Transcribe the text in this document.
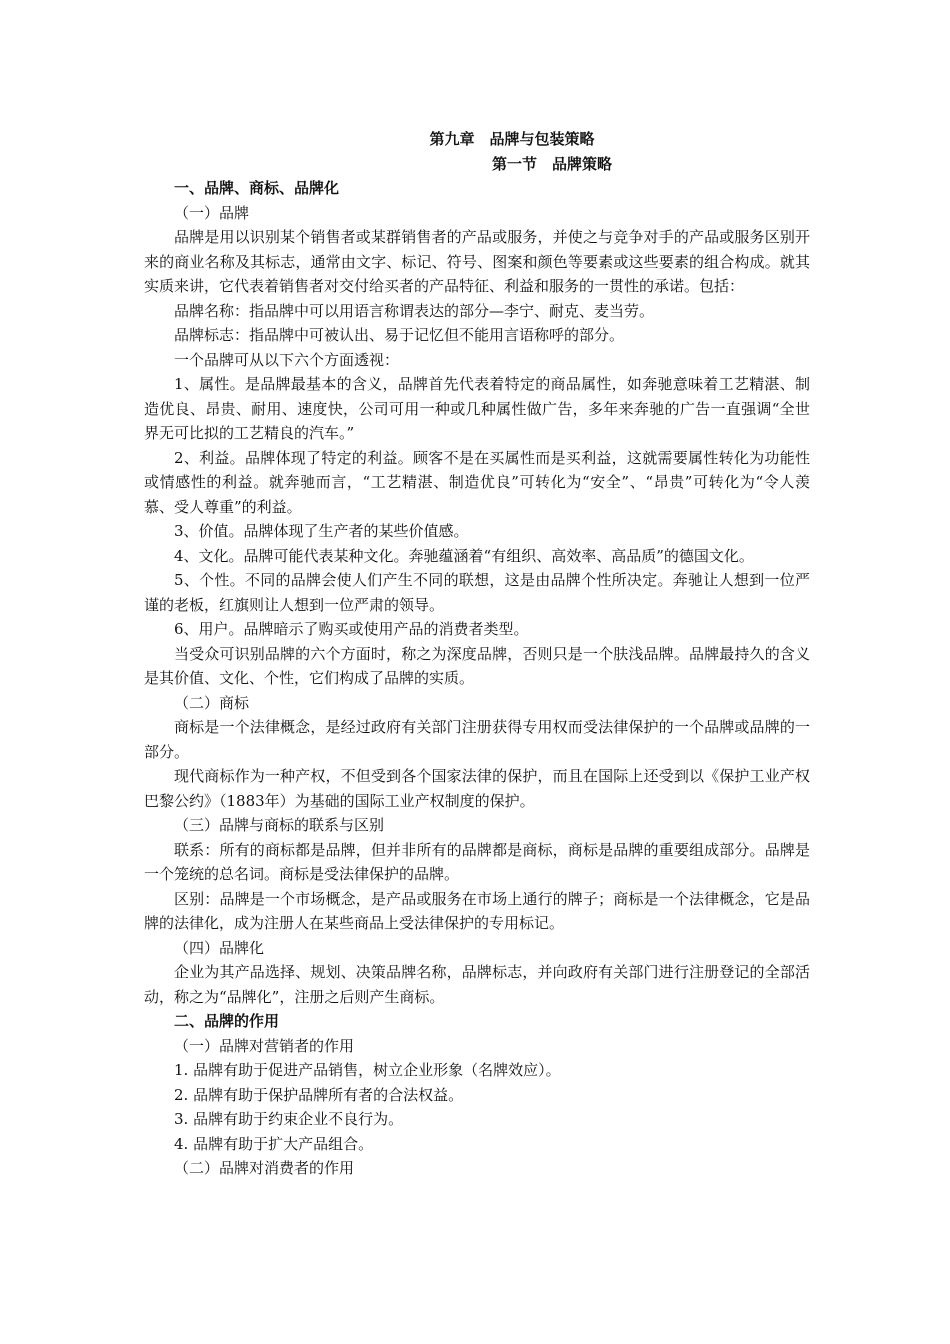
第九章　品牌与包装策略
第一节　品牌策略
一、品牌、商标、品牌化
（一）品牌
品牌是用以识别某个销售者或某群销售者的产品或服务，并使之与竞争对手的产品或服务区别开来的商业名称及其标志，通常由文字、标记、符号、图案和颜色等要素或这些要素的组合构成。就其实质来讲，它代表着销售者对交付给买者的产品特征、利益和服务的一贯性的承诺。包括：
品牌名称：指品牌中可以用语言称谓表达的部分—李宁、耐克、麦当劳。
品牌标志：指品牌中可被认出、易于记忆但不能用言语称呼的部分。
一个品牌可从以下六个方面透视：
1、属性。是品牌最基本的含义，品牌首先代表着特定的商品属性，如奔驰意味着工艺精湛、制造优良、昂贵、耐用、速度快，公司可用一种或几种属性做广告，多年来奔驰的广告一直强调“全世界无可比拟的工艺精良的汽车。”
2、利益。品牌体现了特定的利益。顾客不是在买属性而是买利益，这就需要属性转化为功能性或情感性的利益。就奔驰而言，“工艺精湛、制造优良”可转化为“安全”、“昂贵”可转化为“令人羡慕、受人尊重”的利益。
3、价值。品牌体现了生产者的某些价值感。
4、文化。品牌可能代表某种文化。奔驰蕴涵着“有组织、高效率、高品质”的德国文化。
5、个性。不同的品牌会使人们产生不同的联想，这是由品牌个性所决定。奔驰让人想到一位严谨的老板，红旗则让人想到一位严肃的领导。
6、用户。品牌暗示了购买或使用产品的消费者类型。
当受众可识别品牌的六个方面时，称之为深度品牌，否则只是一个肤浅品牌。品牌最持久的含义是其价值、文化、个性，它们构成了品牌的实质。
（二）商标
商标是一个法律概念，是经过政府有关部门注册获得专用权而受法律保护的一个品牌或品牌的一部分。
现代商标作为一种产权，不但受到各个国家法律的保护，而且在国际上还受到以《保护工业产权巴黎公约》（1883年）为基础的国际工业产权制度的保护。
（三）品牌与商标的联系与区别
联系：所有的商标都是品牌，但并非所有的品牌都是商标，商标是品牌的重要组成部分。品牌是一个笼统的总名词。商标是受法律保护的品牌。
区别：品牌是一个市场概念，是产品或服务在市场上通行的牌子；商标是一个法律概念，它是品牌的法律化，成为注册人在某些商品上受法律保护的专用标记。
（四）品牌化
企业为其产品选择、规划、决策品牌名称，品牌标志，并向政府有关部门进行注册登记的全部活动，称之为“品牌化”，注册之后则产生商标。
二、品牌的作用
（一）品牌对营销者的作用
1. 品牌有助于促进产品销售，树立企业形象（名牌效应）。
2. 品牌有助于保护品牌所有者的合法权益。
3. 品牌有助于约束企业不良行为。
4. 品牌有助于扩大产品组合。
（二）品牌对消费者的作用
